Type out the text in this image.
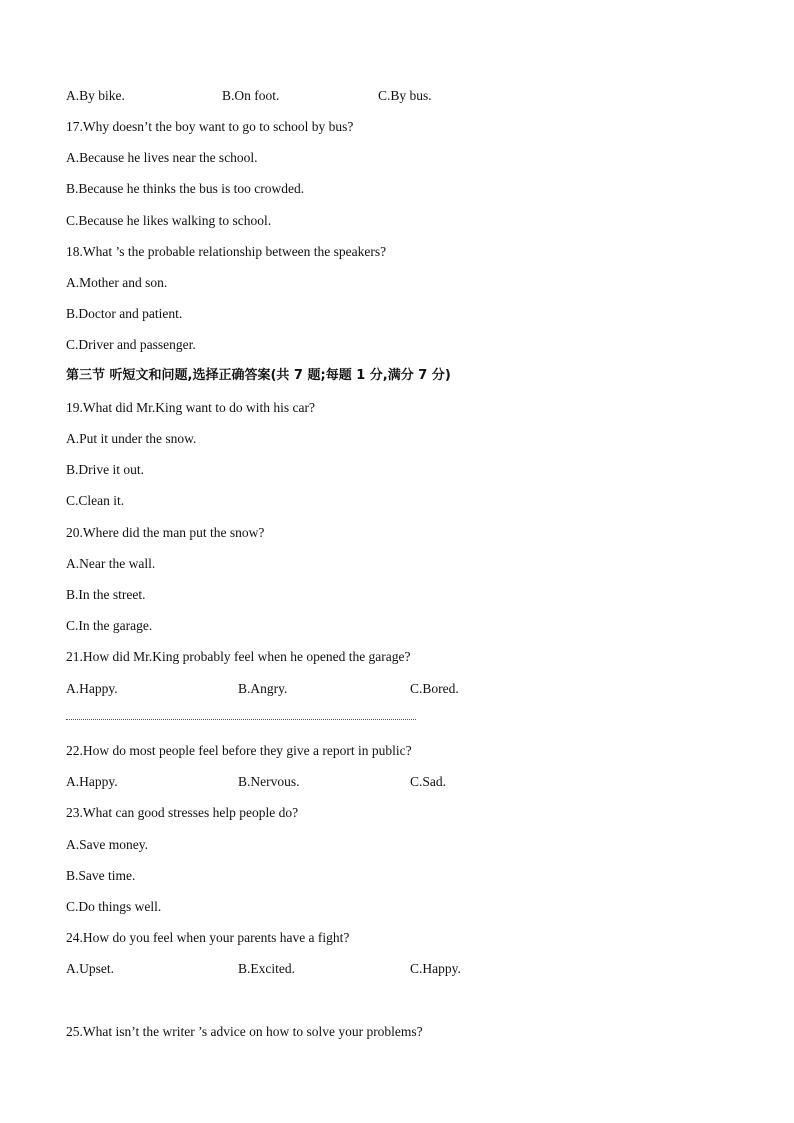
A.By bike.	B.On foot.	C.By bus.
17.Why doesn’t the boy want to go to school by bus?
A.Because he lives near the school.
B.Because he thinks the bus is too crowded.
C.Because he likes walking to school.
18.What ’s the probable relationship between the speakers?
A.Mother and son.
B.Doctor and patient.
C.Driver and passenger.
第三节 听短文和问题,选择正确答案(共 7 题;每题 1 分,满分 7 分)
19.What did Mr.King want to do with his car?
A.Put it under the snow.
B.Drive it out.
C.Clean it.
20.Where did the man put the snow?
A.Near the wall.
B.In the street.
C.In the garage.
21.How did Mr.King probably feel when he opened the garage?
A.Happy.	B.Angry.	C.Bored.
22.How do most people feel before they give a report in public?
A.Happy.	B.Nervous.	C.Sad.
23.What can good stresses help people do?
A.Save money.
B.Save time.
C.Do things well.
24.How do you feel when your parents have a fight?
A.Upset.	B.Excited.	C.Happy.
25.What isn’t the writer ’s advice on how to solve your problems?
